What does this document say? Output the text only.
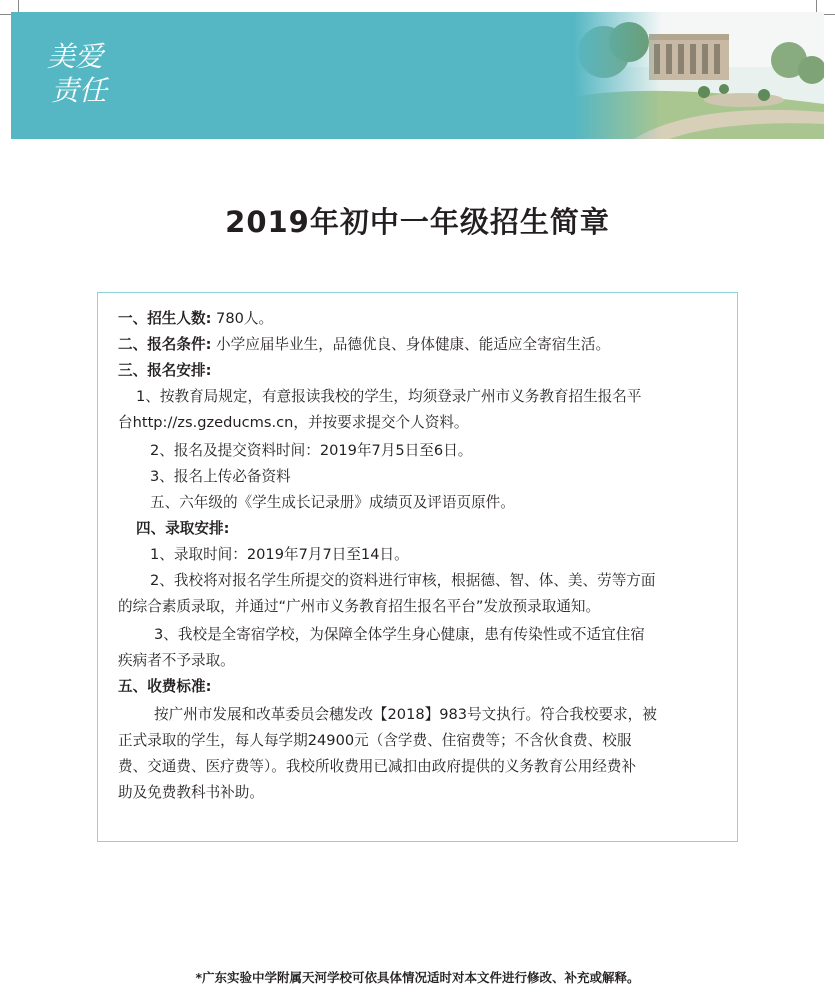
美爱
责任
2019年初中一年级招生简章
一、招生人数: 780人。
二、报名条件: 小学应届毕业生，品德优良、身体健康、能适应全寄宿生活。
三、报名安排:
1、按教育局规定，有意报读我校的学生，均须登录广州市义务教育招生报名平
台http://zs.gzeducms.cn，并按要求提交个人资料。
2、报名及提交资料时间：2019年7月5日至6日。
3、报名上传必备资料
五、六年级的《学生成长记录册》成绩页及评语页原件。
四、录取安排:
1、录取时间：2019年7月7日至14日。
2、我校将对报名学生所提交的资料进行审核，根据德、智、体、美、劳等方面
的综合素质录取，并通过“广州市义务教育招生报名平台”发放预录取通知。
3、我校是全寄宿学校，为保障全体学生身心健康，患有传染性或不适宜住宿
疾病者不予录取。
五、收费标准:
按广州市发展和改革委员会穗发改【2018】983号文执行。符合我校要求，被
正式录取的学生，每人每学期24900元（含学费、住宿费等；不含伙食费、校服
费、交通费、医疗费等）。我校所收费用已减扣由政府提供的义务教育公用经费补
助及免费教科书补助。
*广东实验中学附属天河学校可依具体情况适时对本文件进行修改、补充或解释。
